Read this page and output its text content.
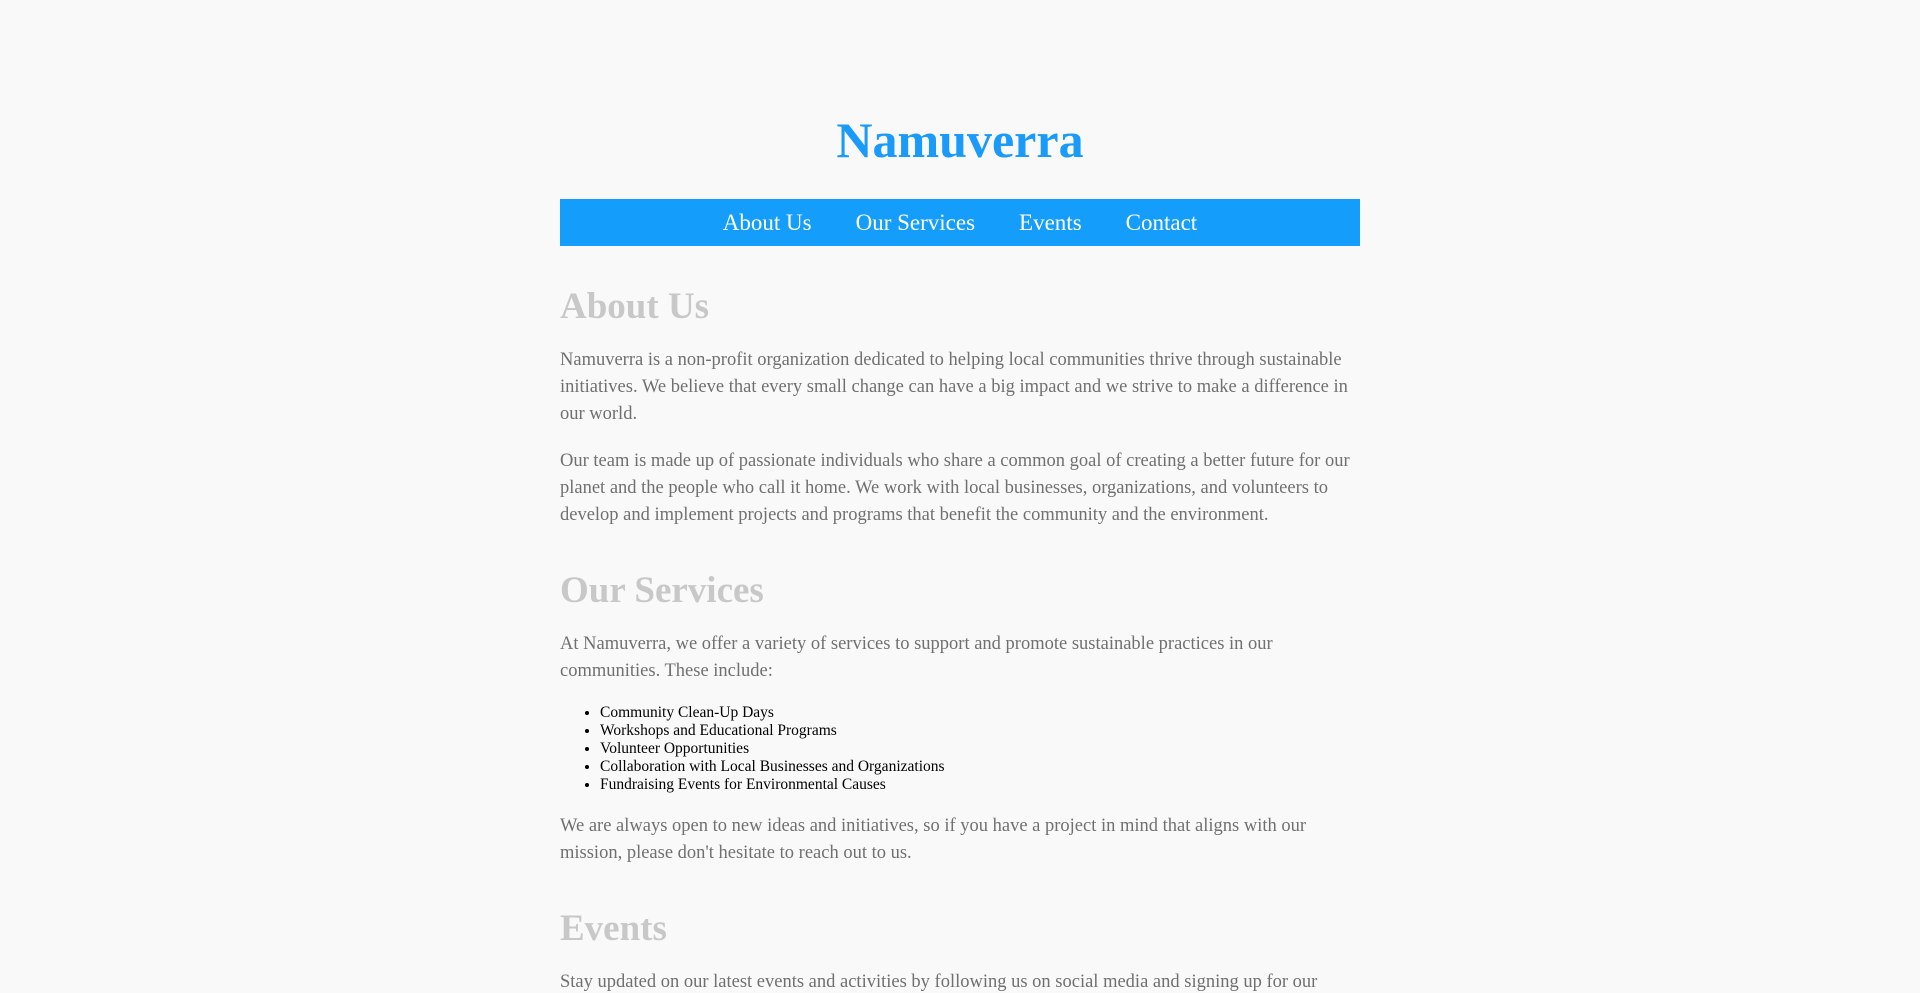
Namuverra
About Us Our Services Events Contact
About Us

Namuverra is a non-profit organization dedicated to helping local communities thrive through sustainable initiatives. We believe that every small change can have a big impact and we strive to make a difference in our world.

Our team is made up of passionate individuals who share a common goal of creating a better future for our planet and the people who call it home. We work with local businesses, organizations, and volunteers to develop and implement projects and programs that benefit the community and the environment.

Our Services

At Namuverra, we offer a variety of services to support and promote sustainable practices in our communities. These include:

• Community Clean-Up Days
• Workshops and Educational Programs
• Volunteer Opportunities
• Collaboration with Local Businesses and Organizations
• Fundraising Events for Environmental Causes

We are always open to new ideas and initiatives, so if you have a project in mind that aligns with our mission, please don't hesitate to reach out to us.

Events

Stay updated on our latest events and activities by following us on social media and signing up for our
